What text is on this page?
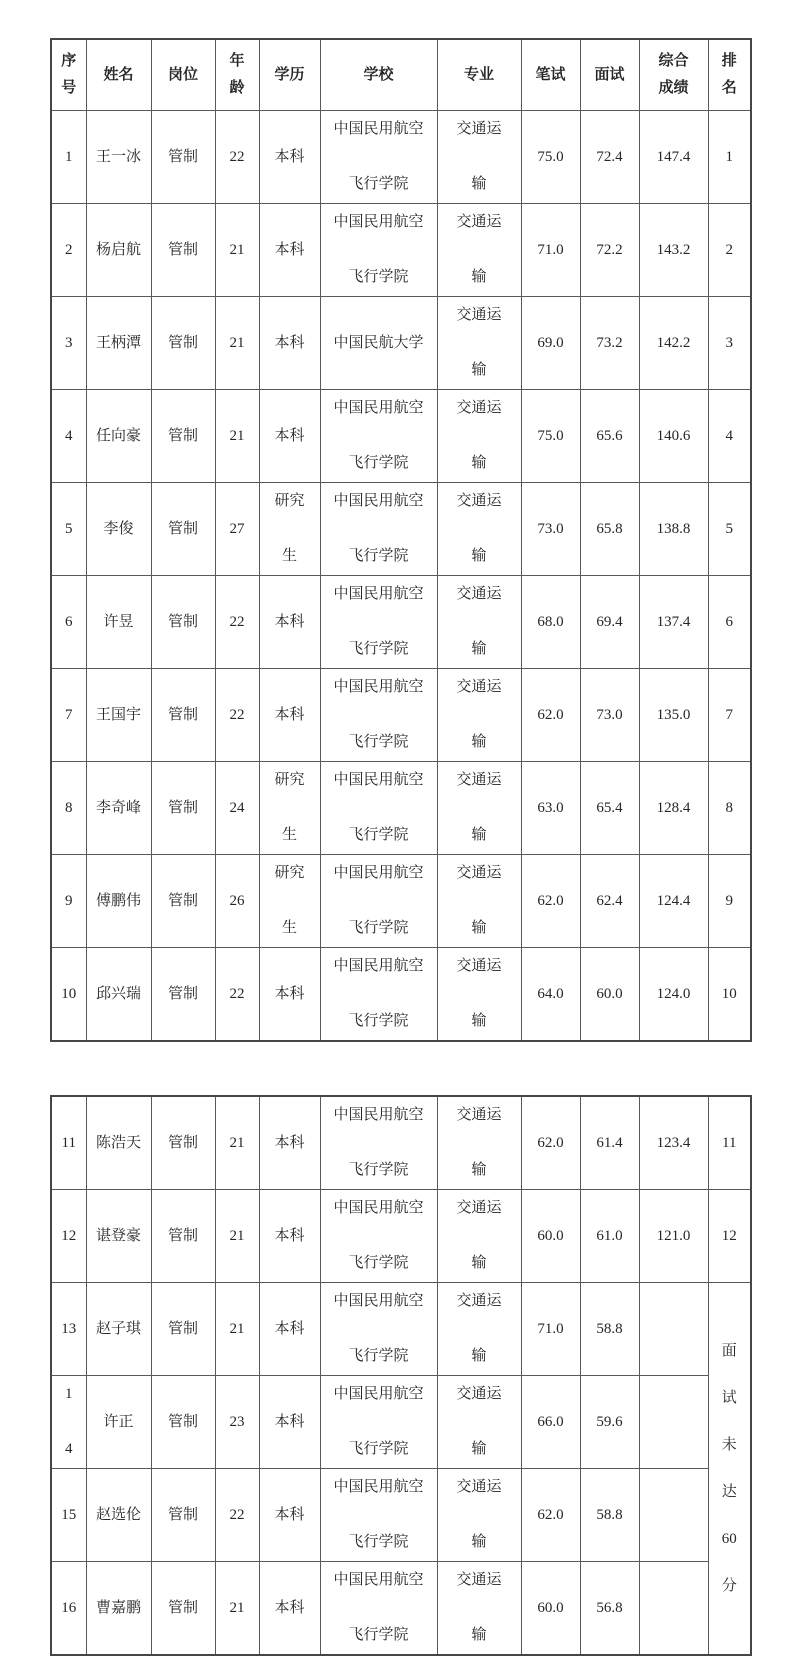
序号	姓名	岗位	年龄	学历	学校	专业	笔试	面试	综合成绩	排名

1	王一冰	管制	22	本科	中国民用航空飞行学院	交通运输	75.0	72.4	147.4	1

2	杨启航	管制	21	本科	中国民用航空飞行学院	交通运输	71.0	72.2	143.2	2

3	王柄潭	管制	21	本科	中国民航大学	交通运输	69.0	73.2	142.2	3

4	任向豪	管制	21	本科	中国民用航空飞行学院	交通运输	75.0	65.6	140.6	4

5	李俊	管制	27	研究生	中国民用航空飞行学院	交通运输	73.0	65.8	138.8	5

6	许昱	管制	22	本科	中国民用航空飞行学院	交通运输	68.0	69.4	137.4	6

7	王国宇	管制	22	本科	中国民用航空飞行学院	交通运输	62.0	73.0	135.0	7

8	李奇峰	管制	24	研究生	中国民用航空飞行学院	交通运输	63.0	65.4	128.4	8

9	傅鹏伟	管制	26	研究生	中国民用航空飞行学院	交通运输	62.0	62.4	124.4	9

10	邱兴瑞	管制	22	本科	中国民用航空飞行学院	交通运输	64.0	60.0	124.0	10
11	陈浩天	管制	21	本科	中国民用航空飞行学院	交通运输	62.0	61.4	123.4	11

12	谌登豪	管制	21	本科	中国民用航空飞行学院	交通运输	60.0	61.0	121.0	12

13	赵子琪	管制	21	本科	中国民用航空飞行学院	交通运输	71.0	58.8		面试未达60分

14	许正	管制	23	本科	中国民用航空飞行学院	交通运输	66.0	59.6		

15	赵选伦	管制	22	本科	中国民用航空飞行学院	交通运输	62.0	58.8		

16	曹嘉鹏	管制	21	本科	中国民用航空飞行学院	交通运输	60.0	56.8		
